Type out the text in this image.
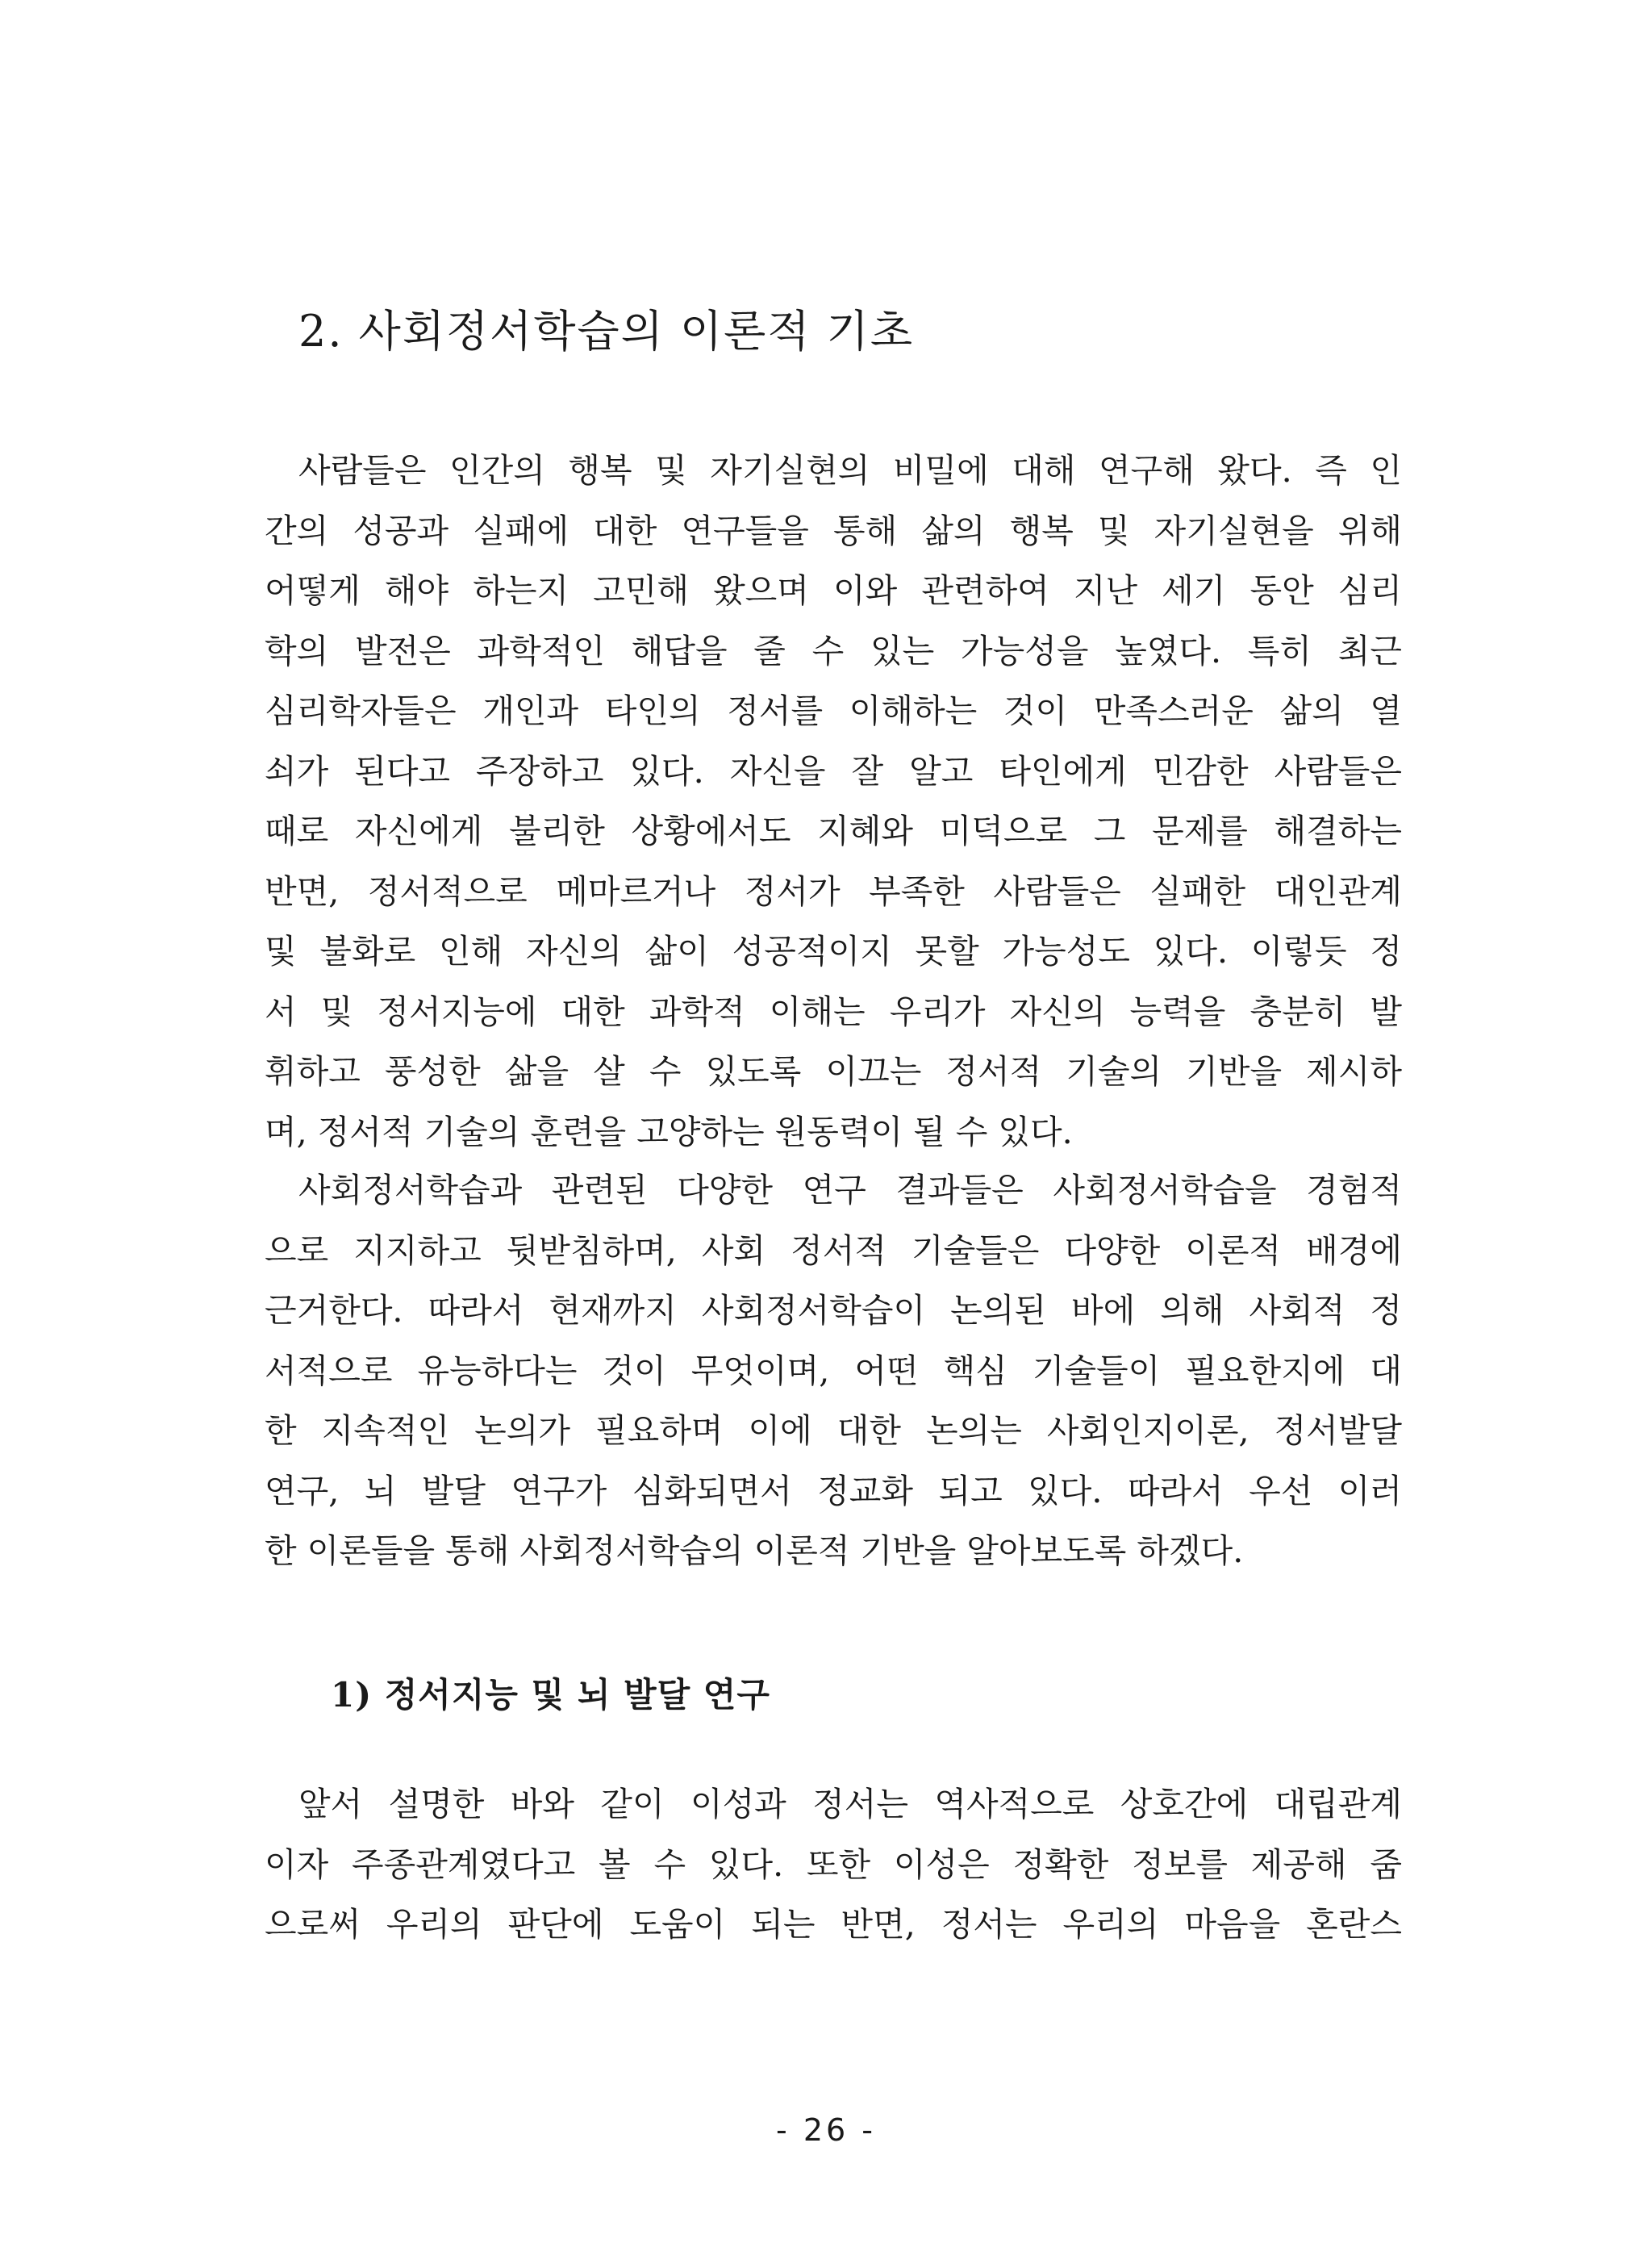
2. 사회정서학습의 이론적 기초
사람들은 인간의 행복 및 자기실현의 비밀에 대해 연구해 왔다. 즉 인
간의 성공과 실패에 대한 연구들을 통해 삶의 행복 및 자기실현을 위해
어떻게 해야 하는지 고민해 왔으며 이와 관련하여 지난 세기 동안 심리
학의 발전은 과학적인 해답을 줄 수 있는 가능성을 높였다. 특히 최근
심리학자들은 개인과 타인의 정서를 이해하는 것이 만족스러운 삶의 열
쇠가 된다고 주장하고 있다. 자신을 잘 알고 타인에게 민감한 사람들은
때로 자신에게 불리한 상황에서도 지혜와 미덕으로 그 문제를 해결하는
반면, 정서적으로 메마르거나 정서가 부족한 사람들은 실패한 대인관계
및 불화로 인해 자신의 삶이 성공적이지 못할 가능성도 있다. 이렇듯 정
서 및 정서지능에 대한 과학적 이해는 우리가 자신의 능력을 충분히 발
휘하고 풍성한 삶을 살 수 있도록 이끄는 정서적 기술의 기반을 제시하
며, 정서적 기술의 훈련을 고양하는 원동력이 될 수 있다.
사회정서학습과 관련된 다양한 연구 결과들은 사회정서학습을 경험적
으로 지지하고 뒷받침하며, 사회 정서적 기술들은 다양한 이론적 배경에
근거한다. 따라서 현재까지 사회정서학습이 논의된 바에 의해 사회적 정
서적으로 유능하다는 것이 무엇이며, 어떤 핵심 기술들이 필요한지에 대
한 지속적인 논의가 필요하며 이에 대한 논의는 사회인지이론, 정서발달
연구, 뇌 발달 연구가 심화되면서 정교화 되고 있다. 따라서 우선 이러
한 이론들을 통해 사회정서학습의 이론적 기반을 알아보도록 하겠다.
1) 정서지능 및 뇌 발달 연구
앞서 설명한 바와 같이 이성과 정서는 역사적으로 상호간에 대립관계
이자 주종관계였다고 볼 수 있다. 또한 이성은 정확한 정보를 제공해 줌
으로써 우리의 판단에 도움이 되는 반면, 정서는 우리의 마음을 혼란스
- 26 -
